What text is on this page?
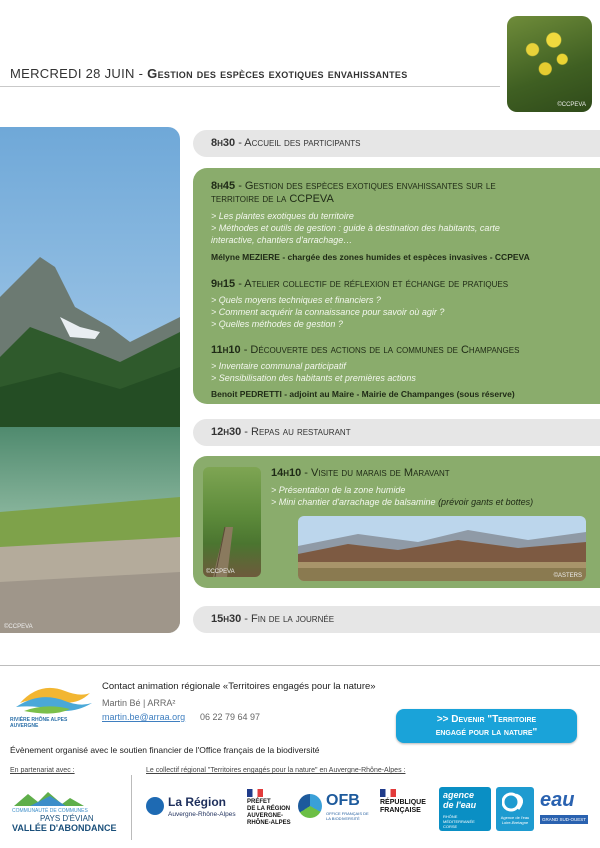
MERCREDI 28 JUIN - Gestion des espèces exotiques envahissantes
©CCPEVA
©CCPEVA
8h30 - Accueil des participants
8h45 - Gestion des espèces exotiques envahissantes sur le
territoire de la CCPEVA
> Les plantes exotiques du territoire
> Méthodes et outils de gestion : guide à destination des habitants, carte
interactive, chantiers d'arrachage…
Mélyne MEZIERE - chargée des zones humides et espèces invasives - CCPEVA
9h15 - Atelier collectif de réflexion et échange de pratiques
> Quels moyens techniques et financiers ?
> Comment acquérir la connaissance pour savoir où agir ?
> Quelles méthodes de gestion ?
11h10 - Découverte des actions de la communes de Champanges
> Inventaire communal participatif
> Sensibilisation des habitants et premières actions
Benoit PEDRETTI - adjoint au Maire - Mairie de Champanges (sous réserve)
12h30 - Repas au restaurant
©CCPEVA
14h10 - Visite du marais de Maravant
> Présentation de la zone humide
> Mini chantier d'arrachage de balsamine (prévoir gants et bottes)
©ASTERS
15h30 - Fin de la journée
RIVIÈRE RHÔNE ALPES AUVERGNE
Contact animation régionale «Territoires engagés pour la nature»
Martin Bé | ARRA²
martin.be@arraa.org 06 22 79 64 97	>> Devenir "Territoire
engagé pour la nature"
Évènement organisé avec le soutien financier de l'Office français de la biodiversité
En partenariat avec :	Le collectif régional "Territoires engagés pour la nature" en Auvergne-Rhône-Alpes :
COMMUNAUTÉ DE COMMUNES
PAYS D'ÉVIAN
VALLÉE D'ABONDANCE
La Région
Auvergne-Rhône-Alpes
PRÉFET
DE LA RÉGION
AUVERGNE-
RHÔNE-ALPES
OFB
OFFICE FRANÇAIS DE LA BIODIVERSITÉ
RÉPUBLIQUE
FRANÇAISE
agence
de l'eau
RHÔNE MÉDITERRANÉE CORSE
Agence de l'eau Loire-Bretagne
eau
GRAND SUD-OUEST
